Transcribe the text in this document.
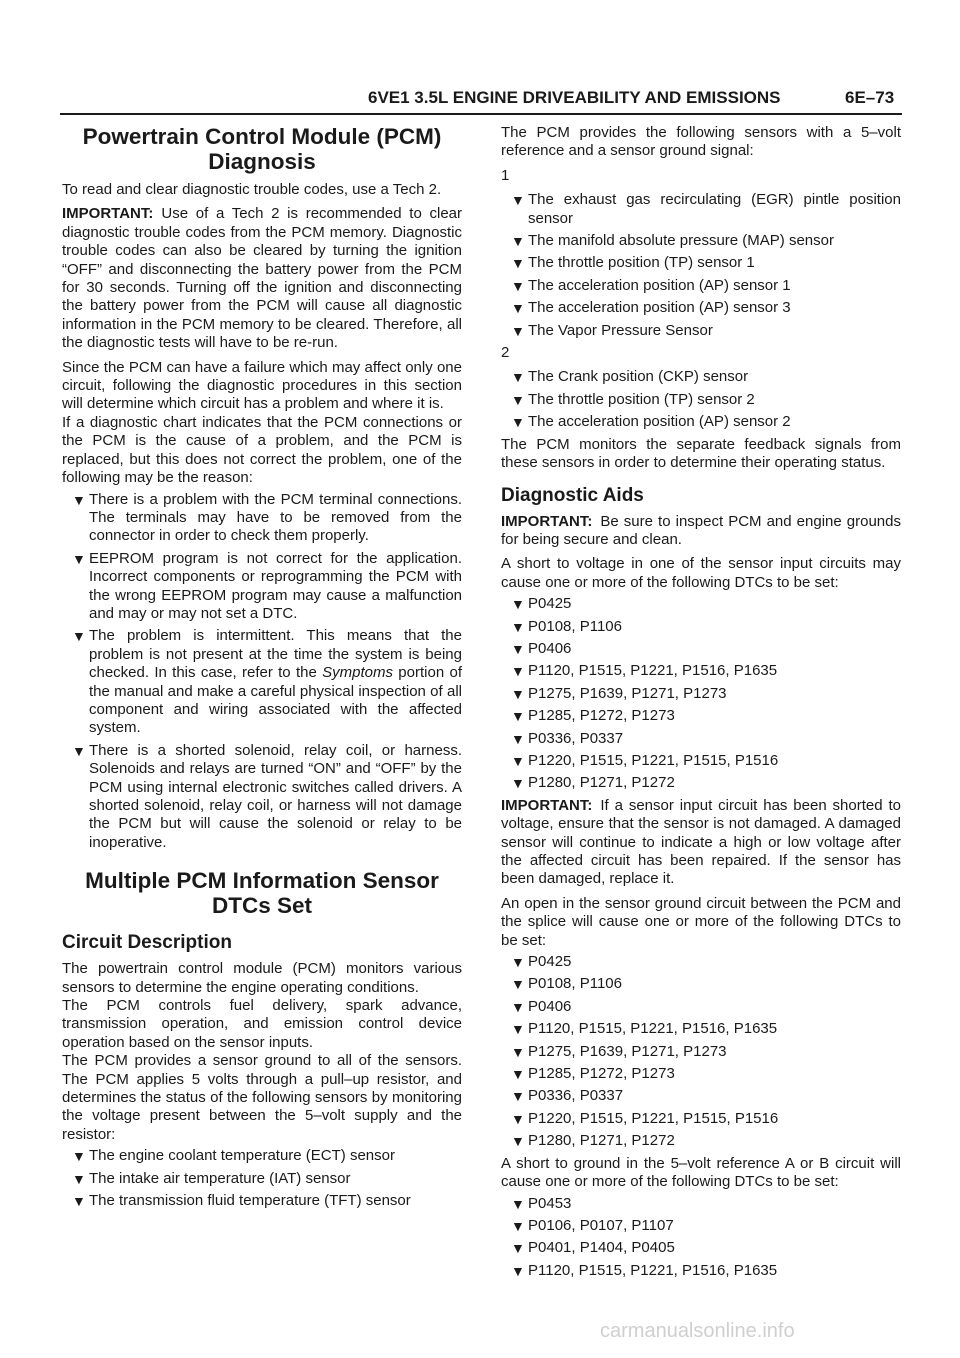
6VE1 3.5L ENGINE DRIVEABILITY AND EMISSIONS	6E–73
Powertrain Control Module (PCM) Diagnosis

To read and clear diagnostic trouble codes, use a Tech 2.

IMPORTANT: Use of a Tech 2 is recommended to clear diagnostic trouble codes from the PCM memory. Diagnostic trouble codes can also be cleared by turning the ignition “OFF” and disconnecting the battery power from the PCM for 30 seconds. Turning off the ignition and disconnecting the battery power from the PCM will cause all diagnostic information in the PCM memory to be cleared. Therefore, all the diagnostic tests will have to be re-run.

Since the PCM can have a failure which may affect only one circuit, following the diagnostic procedures in this section will determine which circuit has a problem and where it is.

If a diagnostic chart indicates that the PCM connections or the PCM is the cause of a problem, and the PCM is replaced, but this does not correct the problem, one of the following may be the reason:

▼ There is a problem with the PCM terminal connections. The terminals may have to be removed from the connector in order to check them properly.
▼ EEPROM program is not correct for the application. Incorrect components or reprogramming the PCM with the wrong EEPROM program may cause a malfunction and may or may not set a DTC.
▼ The problem is intermittent. This means that the problem is not present at the time the system is being checked. In this case, refer to the Symptoms portion of the manual and make a careful physical inspection of all component and wiring associated with the affected system.
▼ There is a shorted solenoid, relay coil, or harness. Solenoids and relays are turned “ON” and “OFF” by the PCM using internal electronic switches called drivers. A shorted solenoid, relay coil, or harness will not damage the PCM but will cause the solenoid or relay to be inoperative.
Multiple PCM Information Sensor DTCs Set
Circuit Description

The powertrain control module (PCM) monitors various sensors to determine the engine operating conditions.

The PCM controls fuel delivery, spark advance, transmission operation, and emission control device operation based on the sensor inputs.

The PCM provides a sensor ground to all of the sensors. The PCM applies 5 volts through a pull–up resistor, and determines the status of the following sensors by monitoring the voltage present between the 5–volt supply and the resistor:

▼ The engine coolant temperature (ECT) sensor
▼ The intake air temperature (IAT) sensor
▼ The transmission fluid temperature (TFT) sensor

The PCM provides the following sensors with a 5–volt reference and a sensor ground signal:

1
▼ The exhaust gas recirculating (EGR) pintle position sensor
▼ The manifold absolute pressure (MAP) sensor
▼ The throttle position (TP) sensor 1
▼ The acceleration position (AP) sensor 1
▼ The acceleration position (AP) sensor 3
▼ The Vapor Pressure Sensor
2
▼ The Crank position (CKP) sensor
▼ The throttle position (TP) sensor 2
▼ The acceleration position (AP) sensor 2

The PCM monitors the separate feedback signals from these sensors in order to determine their operating status.

Diagnostic Aids

IMPORTANT: Be sure to inspect PCM and engine grounds for being secure and clean.

A short to voltage in one of the sensor input circuits may cause one or more of the following DTCs to be set:

▼ P0425
▼ P0108, P1106
▼ P0406
▼ P1120, P1515, P1221, P1516, P1635
▼ P1275, P1639, P1271, P1273
▼ P1285, P1272, P1273
▼ P0336, P0337
▼ P1220, P1515, P1221, P1515, P1516
▼ P1280, P1271, P1272

IMPORTANT: If a sensor input circuit has been shorted to voltage, ensure that the sensor is not damaged. A damaged sensor will continue to indicate a high or low voltage after the affected circuit has been repaired. If the sensor has been damaged, replace it.

An open in the sensor ground circuit between the PCM and the splice will cause one or more of the following DTCs to be set:

▼ P0425
▼ P0108, P1106
▼ P0406
▼ P1120, P1515, P1221, P1516, P1635
▼ P1275, P1639, P1271, P1273
▼ P1285, P1272, P1273
▼ P0336, P0337
▼ P1220, P1515, P1221, P1515, P1516
▼ P1280, P1271, P1272

A short to ground in the 5–volt reference A or B circuit will cause one or more of the following DTCs to be set:

▼ P0453
▼ P0106, P0107, P1107
▼ P0401, P1404, P0405
▼ P1120, P1515, P1221, P1516, P1635
carmanualsonline.info
